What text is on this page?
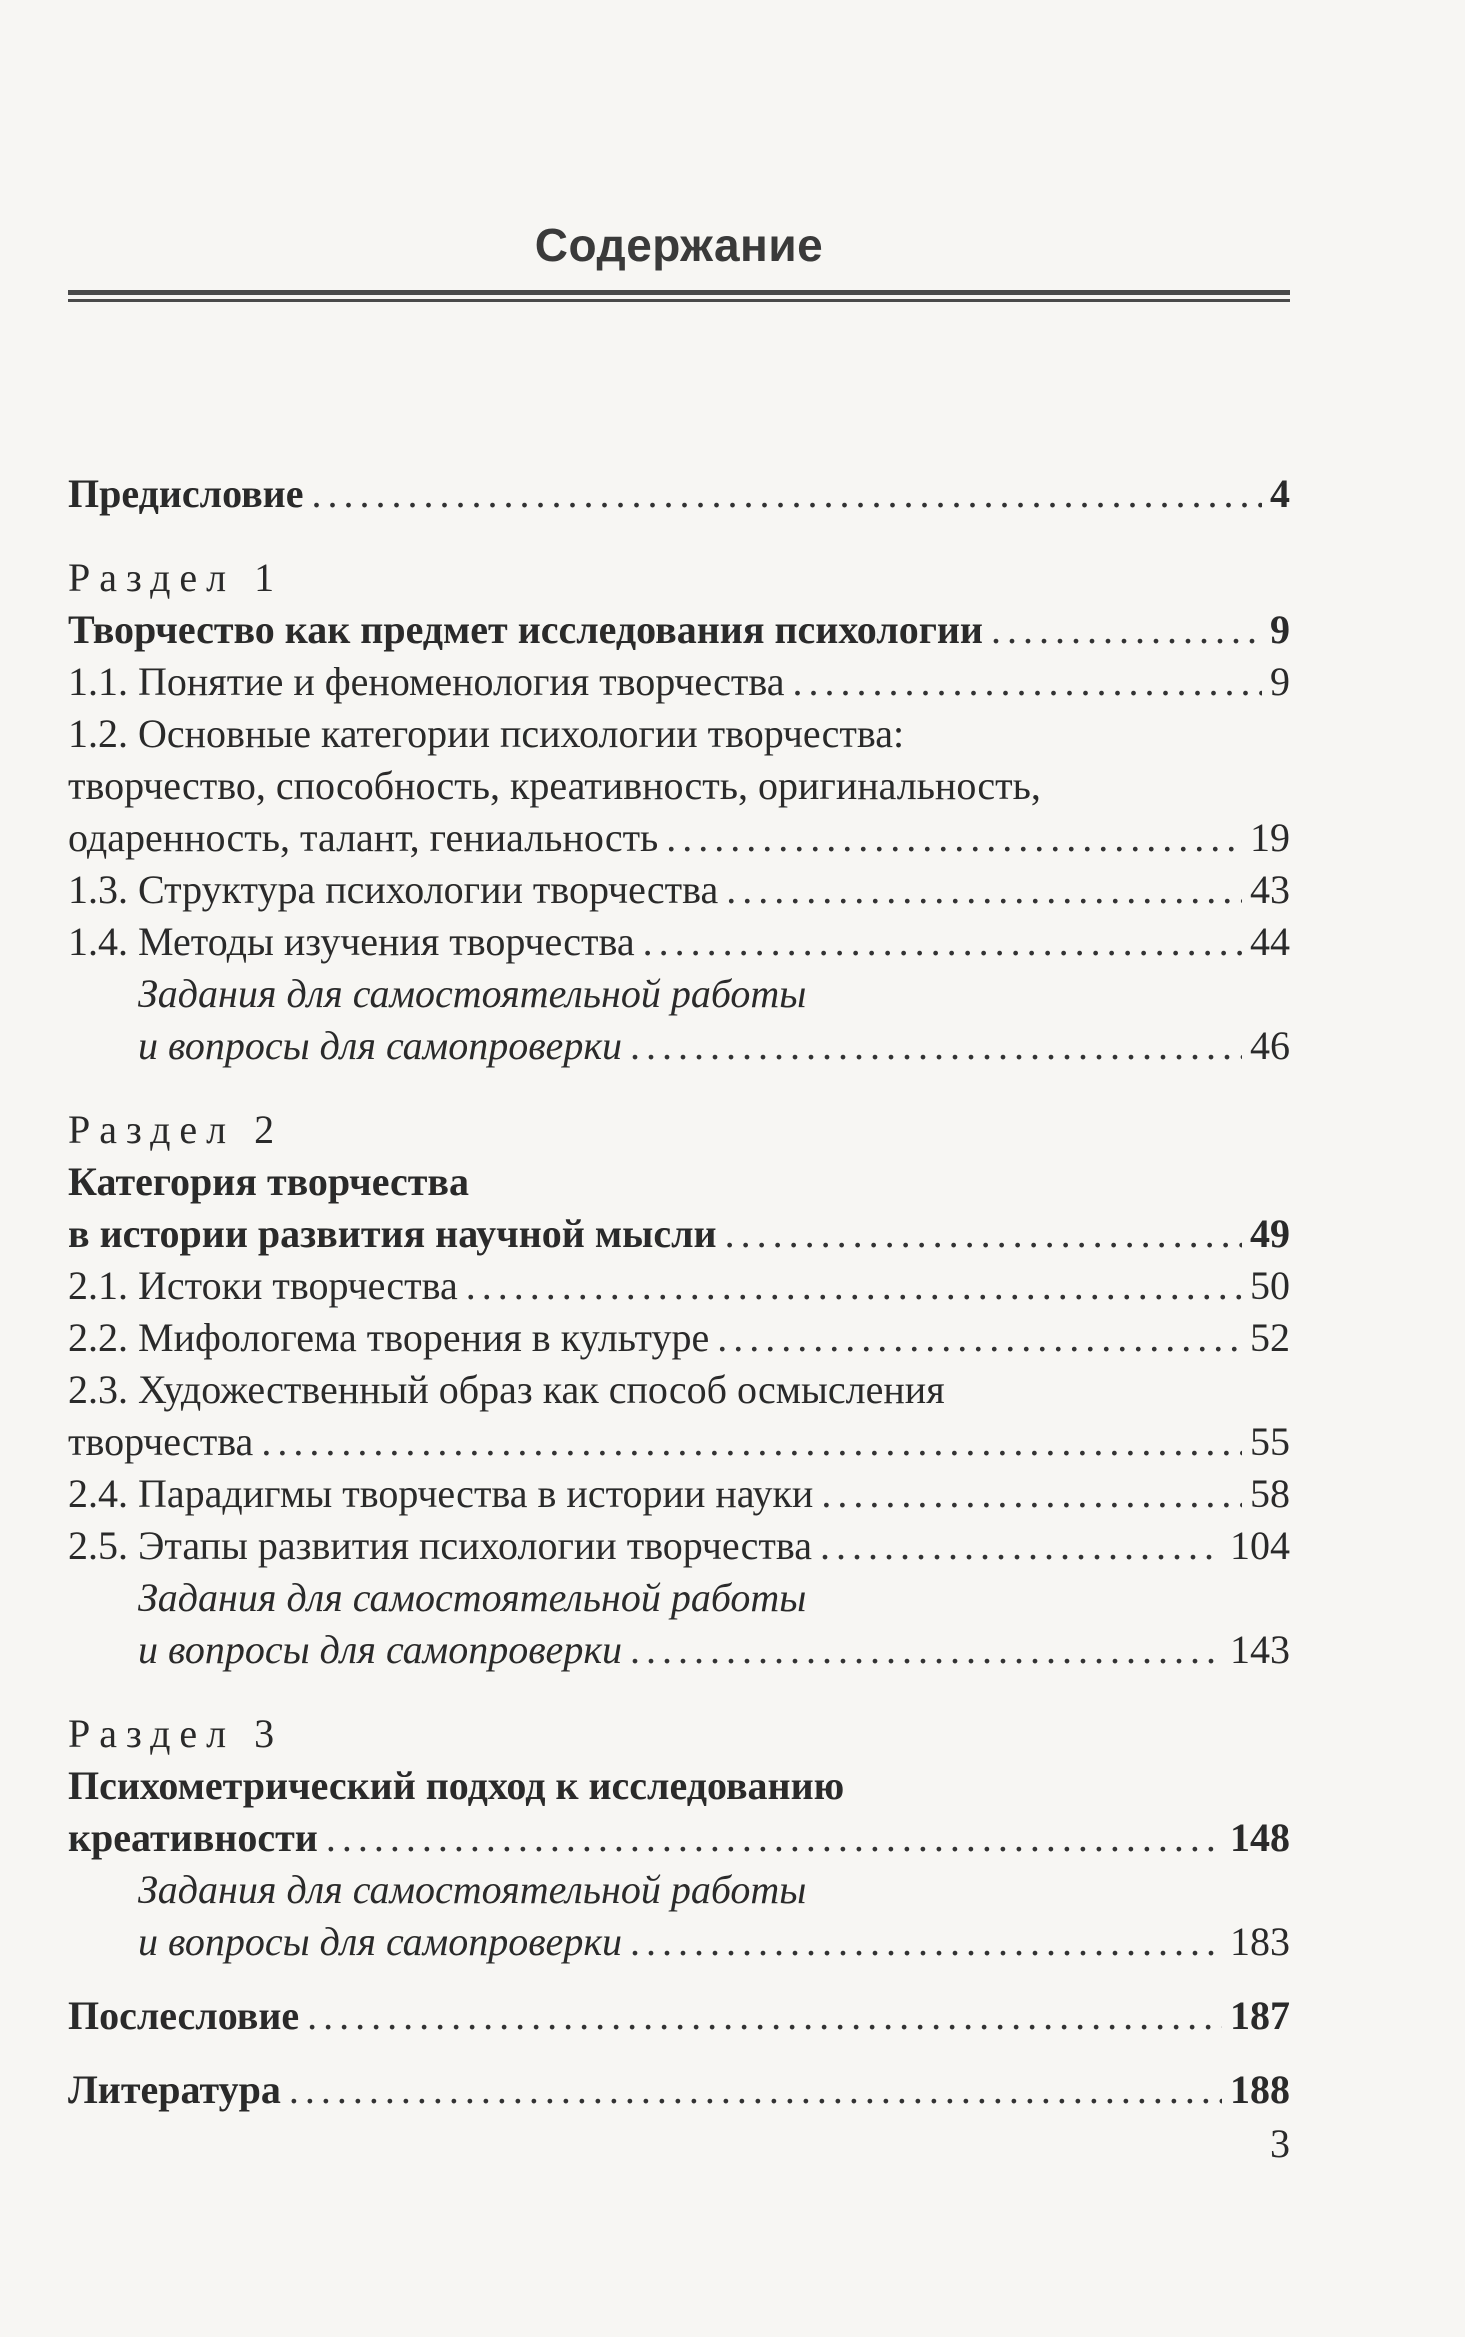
Содержание
Предисловие . . .	4
Раздел 1
Творчество как предмет исследования психологии . . .	9
1.1. Понятие и феноменология творчества . . .	9
1.2. Основные категории психологии творчества:
творчество, способность, креативность, оригинальность,
одаренность, талант, гениальность . . .	19
1.3. Структура психологии творчества . . .	43
1.4. Методы изучения творчества . . .	44
Задания для самостоятельной работы
и вопросы для самопроверки . . .	46
Раздел 2
Категория творчества
в истории развития научной мысли . . .	49
2.1. Истоки творчества . . .	50
2.2. Мифологема творения в культуре . . .	52
2.3. Художественный образ как способ осмысления
творчества . . .	55
2.4. Парадигмы творчества в истории науки . . .	58
2.5. Этапы развития психологии творчества . . .	104
Задания для самостоятельной работы
и вопросы для самопроверки . . .	143
Раздел 3
Психометрический подход к исследованию
креативности . . .	148
Задания для самостоятельной работы
и вопросы для самопроверки . . .	183
Послесловие . . .	187
Литература . . .	188
3
